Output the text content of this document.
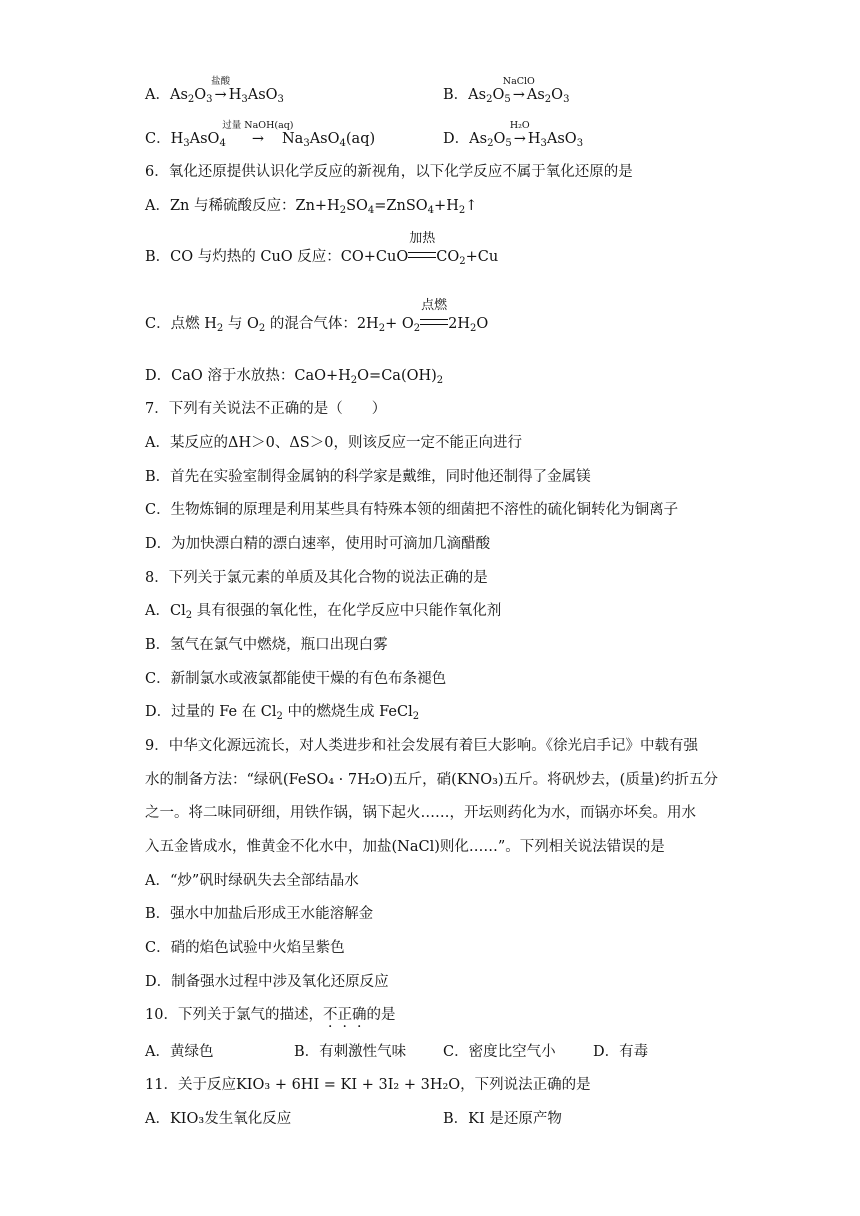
A．$As_2O_3$
盐酸
→ $H_3AsO_3$	B．$As_2O_5$
NaClO
→ $As_2O_3$
C．$H_3AsO_4$
过量 NaOH(aq)
→ $Na_3AsO_4(aq)$	D．$As_2O_5$
H₂O
→ $H_3AsO_3$
6．氧化还原提供认识化学反应的新视角，以下化学反应不属于氧化还原的是
A．Zn 与稀硫酸反应：$Zn+H_2SO_4=ZnSO_4+H_2↑$
B．CO 与灼热的 CuO 反应：CO+CuO
加热
$CO_2+Cu$
C．点燃 $H_2$ 与 $O_2$ 的混合气体：$2H_2+ O_2$
点燃
$2H_2O$
D．CaO 溶于水放热：$CaO+H_2O=Ca(OH)_2$
7．下列有关说法不正确的是（　　）
A．某反应的ΔH＞0、ΔS＞0，则该反应一定不能正向进行
B．首先在实验室制得金属钠的科学家是戴维，同时他还制得了金属镁
C．生物炼铜的原理是利用某些具有特殊本领的细菌把不溶性的硫化铜转化为铜离子
D．为加快漂白精的漂白速率，使用时可滴加几滴醋酸
8．下列关于氯元素的单质及其化合物的说法正确的是
A．$Cl_2$ 具有很强的氧化性，在化学反应中只能作氧化剂
B．氢气在氯气中燃烧，瓶口出现白雾
C．新制氯水或液氯都能使干燥的有色布条褪色
D．过量的 Fe 在 $Cl_2$ 中的燃烧生成 FeCl$_2$
9．中华文化源远流长，对人类进步和社会发展有着巨大影响。《徐光启手记》中载有强
水的制备方法：“绿矾(FeSO₄ · 7H₂O)五斤，硝(KNO₃)五斤。将矾炒去，(质量)约折五分
之一。将二味同研细，用铁作锅，锅下起火……，开坛则药化为水，而锅亦坏矣。用水
入五金皆成水，惟黄金不化水中，加盐(NaCl)则化……”。下列相关说法错误的是
A．“炒”矾时绿矾失去全部结晶水
B．强水中加盐后形成王水能溶解金
C．硝的焰色试验中火焰呈紫色
D．制备强水过程中涉及氧化还原反应
10．下列关于氯气的描述，不正确的是
A．黄绿色	B．有刺激性气味	C．密度比空气小	D．有毒
11．关于反应KIO₃ + 6HI = KI + 3I₂ + 3H₂O，下列说法正确的是
A．KIO₃发生氧化反应	B．KI 是还原产物
